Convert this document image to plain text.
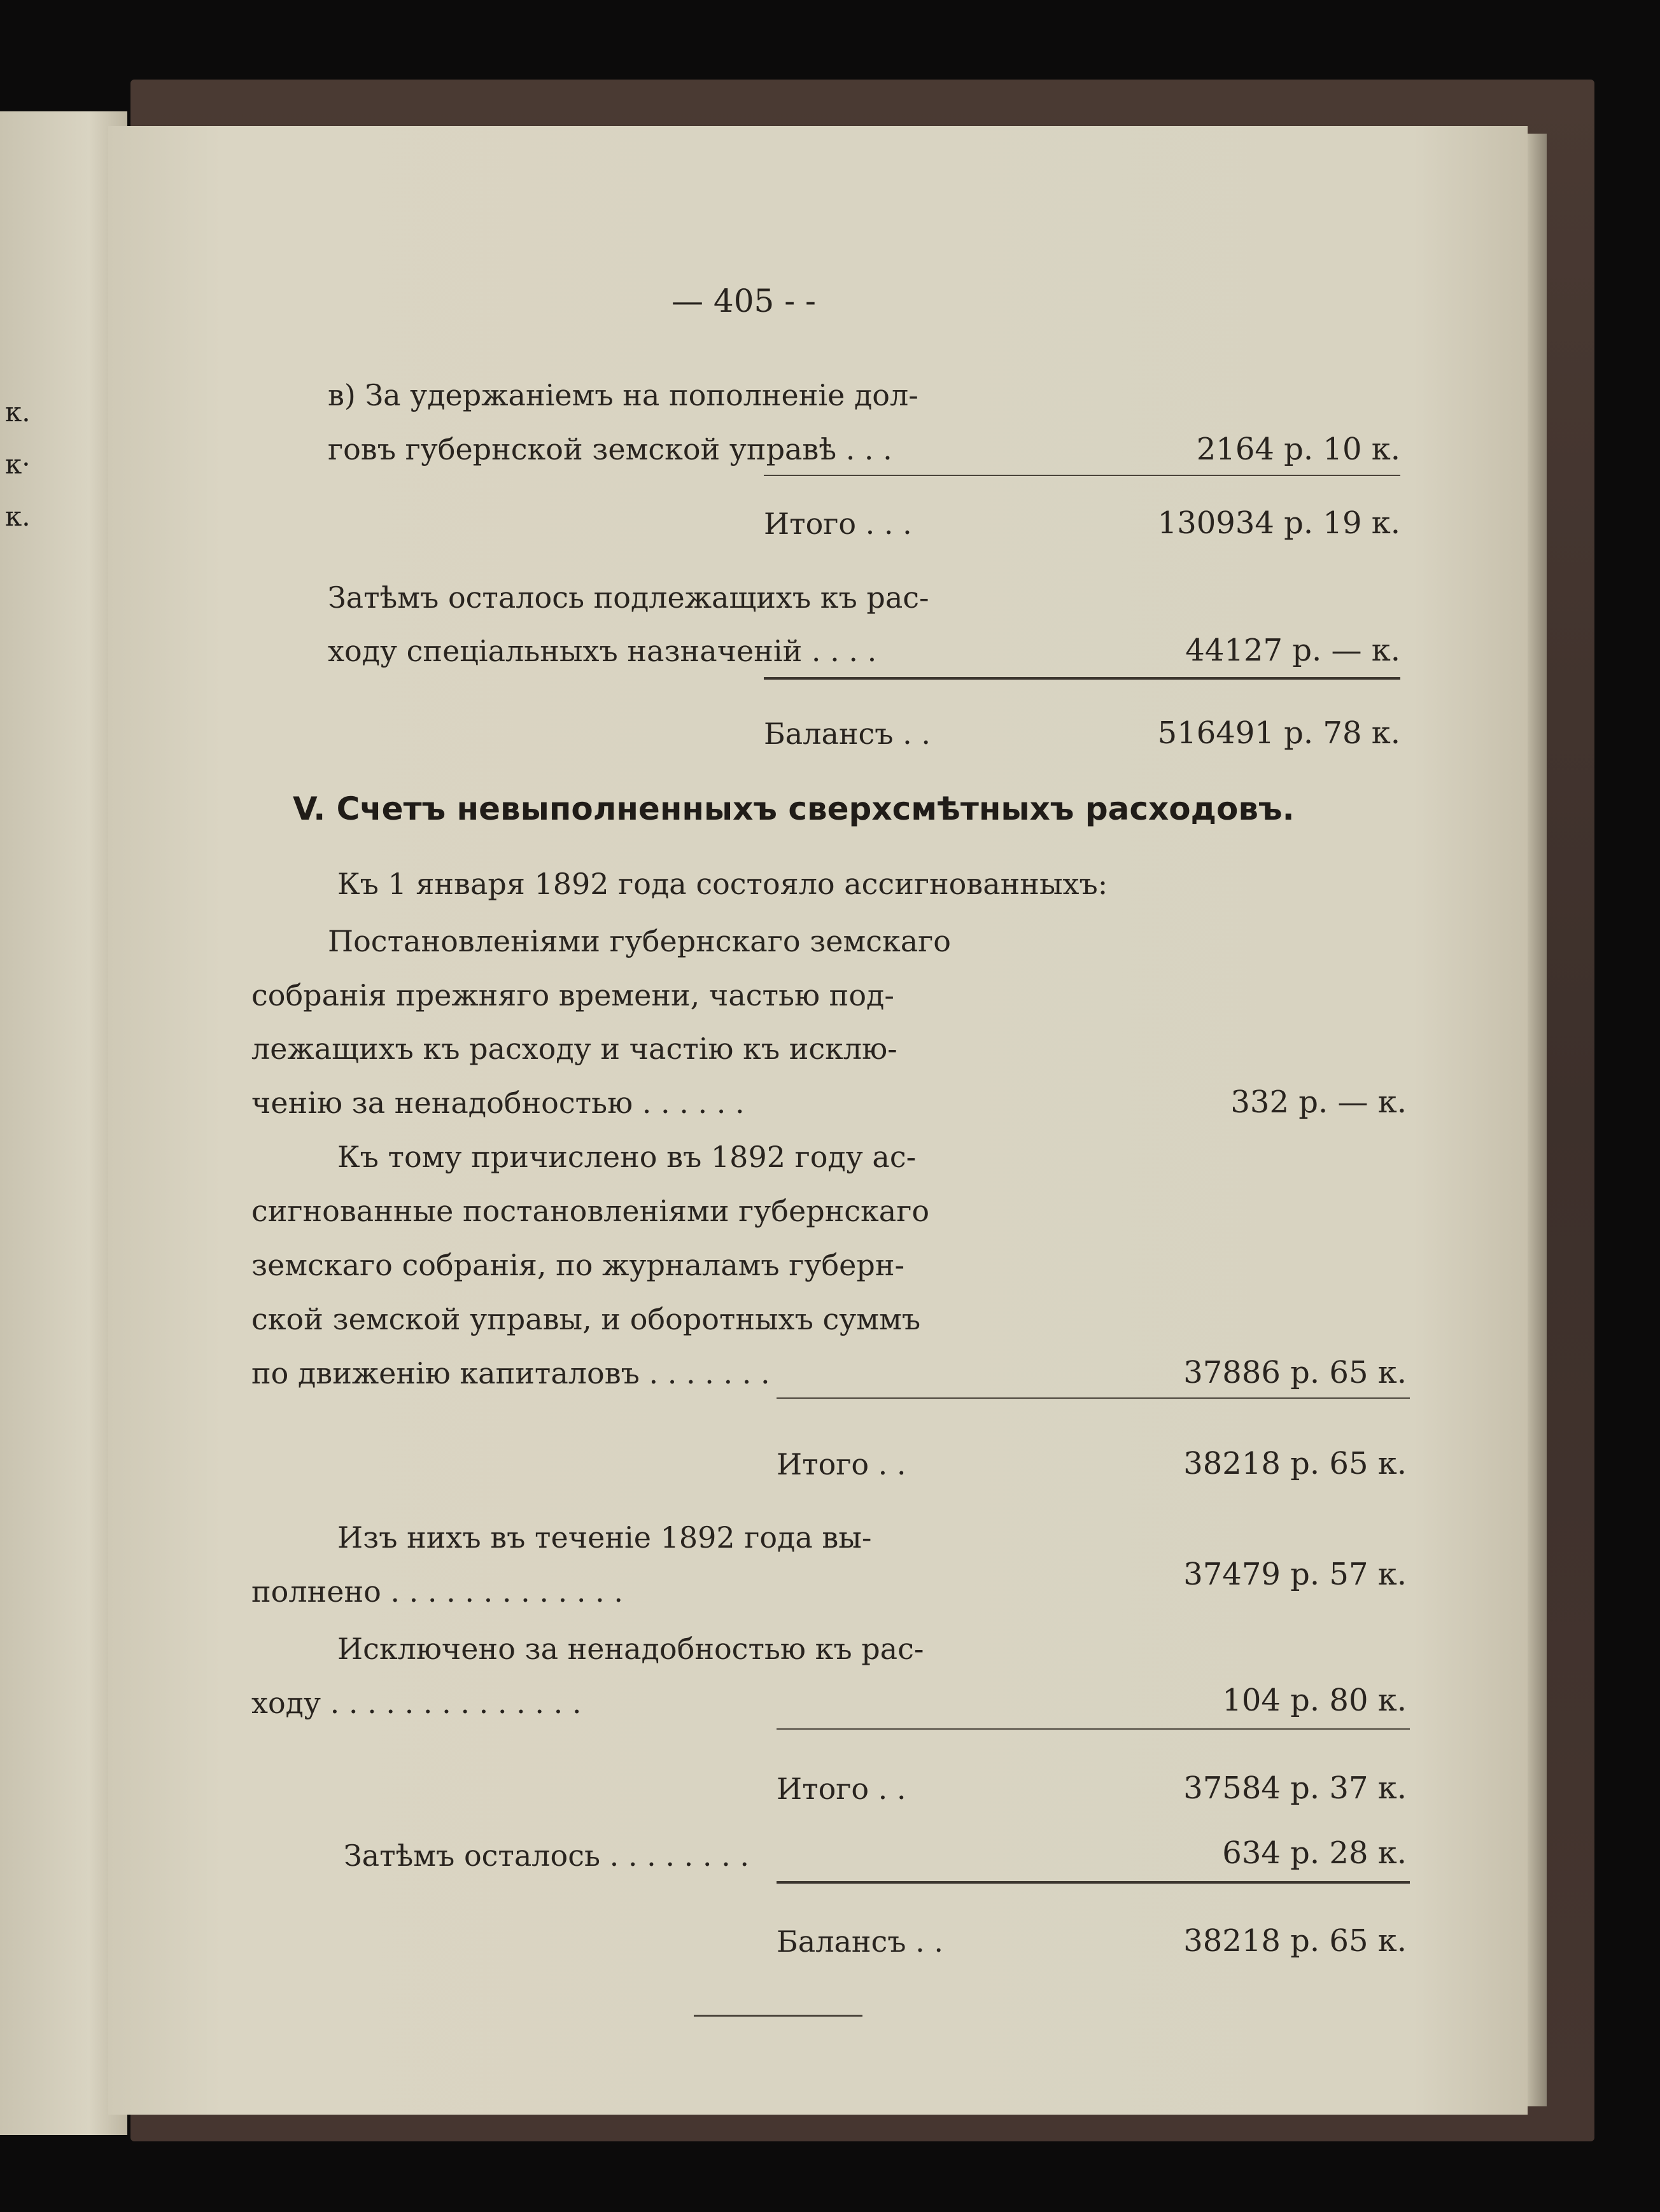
к.
к·
к.
— 405 - -
в) За удержаніемъ на пополненіе дол-
говъ губернской земской управѣ . . .	2164 р. 10 к.
Итого . . .	130934 р. 19 к.
Затѣмъ осталось подлежащихъ къ рас-
ходу спеціальныхъ назначеній . . . .	44127 р. — к.
Балансъ . .	516491 р. 78 к.
V. Счетъ невыполненныхъ сверхсмѣтныхъ расходовъ.
Къ 1 января 1892 года состояло ассигнованныхъ:
Постановленіями губернскаго земскаго
собранія прежняго времени, частью под-
лежащихъ къ расходу и частію къ исклю-
ченію за ненадобностью . . . . . .	332 р. — к.
Къ тому причислено въ 1892 году ас-
сигнованные постановленіями губернскаго
земскаго собранія, по журналамъ губерн-
ской земской управы, и оборотныхъ суммъ
по движенію капиталовъ . . . . . . .	37886 р. 65 к.
Итого . .	38218 р. 65 к.
Изъ нихъ въ теченіе 1892 года вы-
полнено . . . . . . . . . . . . .	37479 р. 57 к.
Исключено за ненадобностью къ рас-
ходу . . . . . . . . . . . . . .	104 р. 80 к.
Итого . .	37584 р. 37 к.
Затѣмъ осталось . . . . . . . .	634 р. 28 к.
Балансъ . .	38218 р. 65 к.
